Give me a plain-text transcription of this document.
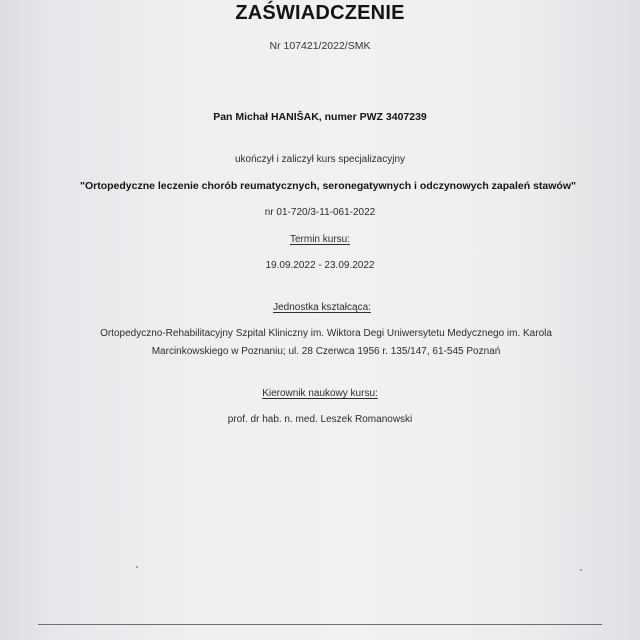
ZAŚWIADCZENIE
Nr 107421/2022/SMK
Pan Michał HANIŠAK, numer PWZ 3407239
ukończył i zaliczył kurs specjalizacyjny
"Ortopedyczne leczenie chorób reumatycznych, seronegatywnych i odczynowych zapaleń stawów"
nr 01-720/3-11-061-2022
Termin kursu:
19.09.2022 - 23.09.2022
Jednostka kształcąca:
Ortopedyczno-Rehabilitacyjny Szpital Kliniczny im. Wiktora Degi Uniwersytetu Medycznego im. Karola
Marcinkowskiego w Poznaniu; ul. 28 Czerwca 1956 r. 135/147, 61-545 Poznań
Kierownik naukowy kursu:
prof. dr hab. n. med. Leszek Romanowski
